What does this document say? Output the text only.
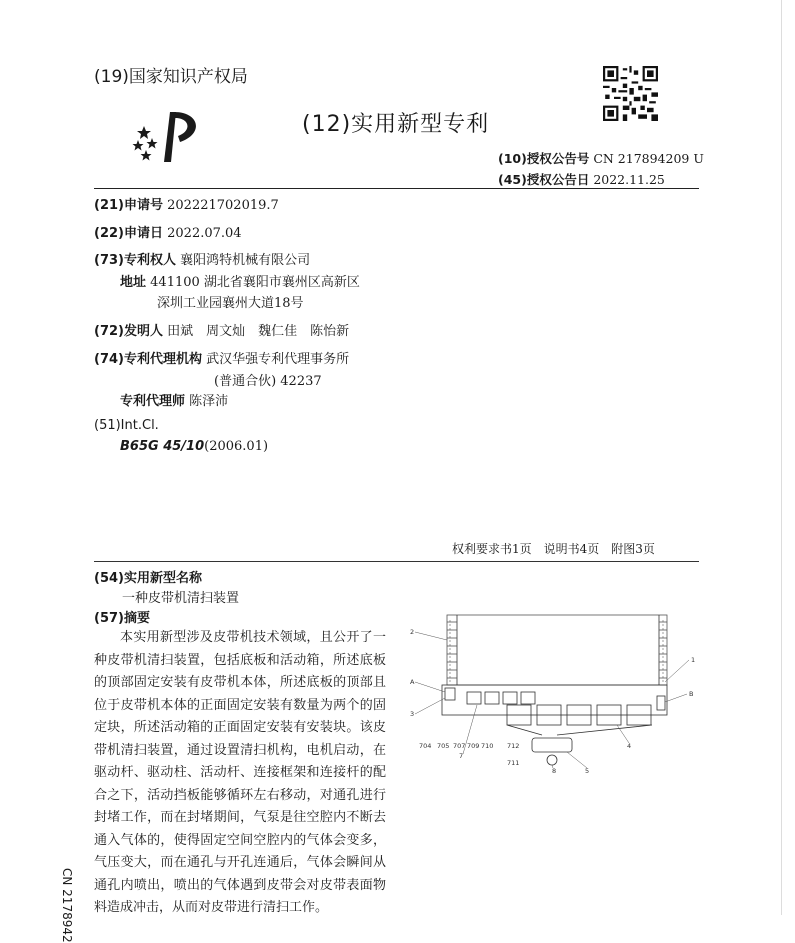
(19)国家知识产权局
(12)实用新型专利
(10)授权公告号 CN 217894209 U
(45)授权公告日 2022.11.25
(21)申请号 202221702019.7
(22)申请日 2022.07.04
(73)专利权人 襄阳鸿特机械有限公司
地址 441100 湖北省襄阳市襄州区高新区
深圳工业园襄州大道18号
(72)发明人 田斌　周文灿　魏仁佳　陈怡新
(74)专利代理机构 武汉华强专利代理事务所
(普通合伙) 42237
专利代理师 陈泽沛
(51)Int.Cl.
B65G 45/10(2006.01)
权利要求书1页　说明书4页　附图3页
(54)实用新型名称
一种皮带机清扫装置
(57)摘要

本实用新型涉及皮带机技术领域，且公开了一种皮带机清扫装置，包括底板和活动箱，所述底板的顶部固定安装有皮带机本体，所述底板的顶部且位于皮带机本体的正面固定安装有数量为两个的固定块，所述活动箱的正面固定安装有安装块。该皮带机清扫装置，通过设置清扫机构，电机启动，在驱动杆、驱动柱、活动杆、连接框架和连接杆的配合之下，活动挡板能够循环左右移动，对通孔进行封堵工作，而在封堵期间，气泵是往空腔内不断去通入气体的，使得固定空间空腔内的气体会变多，气压变大，而在通孔与开孔连通后，气体会瞬间从通孔内喷出，喷出的气体遇到皮带会对皮带表面物料造成冲击，从而对皮带进行清扫工作。

2
1
A
B
3
4
704 705 707 709 710 712
7
711
8	5
CN 2178942
